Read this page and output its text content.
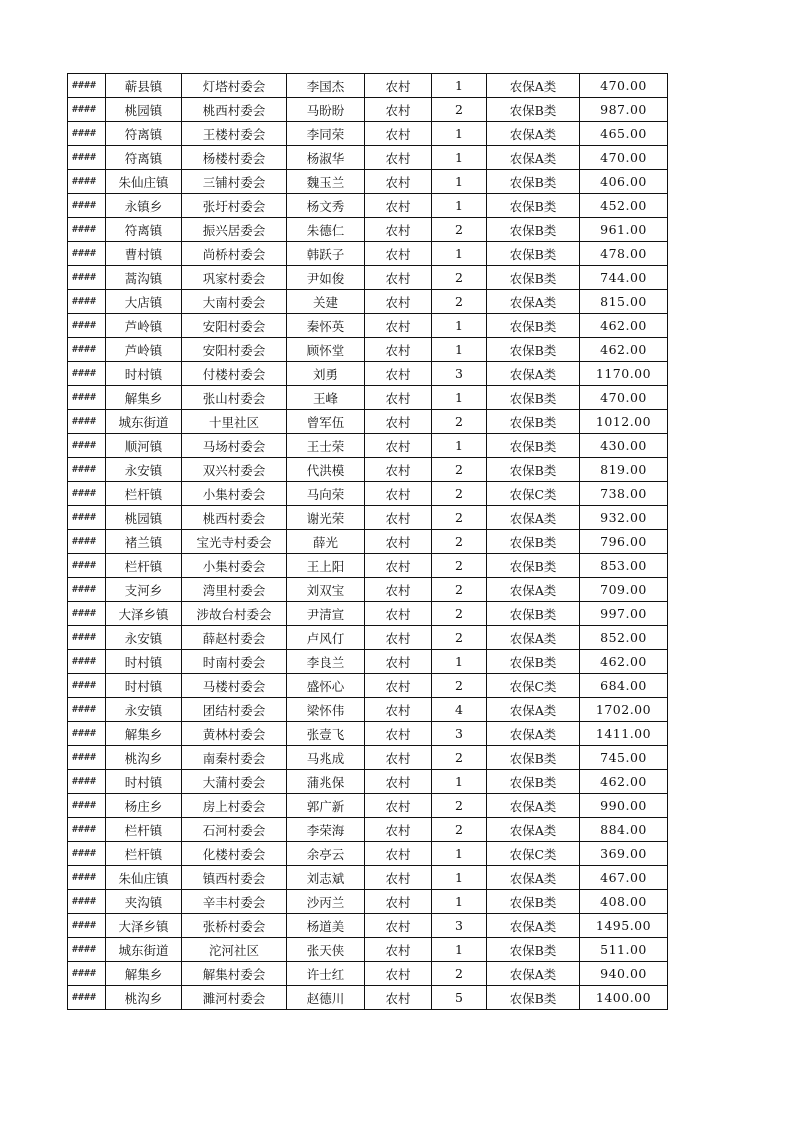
####	蕲县镇	灯塔村委会	李国杰	农村	1	农保A类	470.00
####	桃园镇	桃西村委会	马盼盼	农村	2	农保B类	987.00
####	符离镇	王楼村委会	李同荣	农村	1	农保A类	465.00
####	符离镇	杨楼村委会	杨淑华	农村	1	农保A类	470.00
####	朱仙庄镇	三铺村委会	魏玉兰	农村	1	农保B类	406.00
####	永镇乡	张圩村委会	杨文秀	农村	1	农保B类	452.00
####	符离镇	振兴居委会	朱德仁	农村	2	农保B类	961.00
####	曹村镇	尚桥村委会	韩跃子	农村	1	农保B类	478.00
####	蒿沟镇	巩家村委会	尹如俊	农村	2	农保B类	744.00
####	大店镇	大南村委会	关建	农村	2	农保A类	815.00
####	芦岭镇	安阳村委会	秦怀英	农村	1	农保B类	462.00
####	芦岭镇	安阳村委会	顾怀堂	农村	1	农保B类	462.00
####	时村镇	付楼村委会	刘勇	农村	3	农保A类	1170.00
####	解集乡	张山村委会	王峰	农村	1	农保B类	470.00
####	城东街道	十里社区	曾军伍	农村	2	农保B类	1012.00
####	顺河镇	马场村委会	王士荣	农村	1	农保B类	430.00
####	永安镇	双兴村委会	代洪模	农村	2	农保B类	819.00
####	栏杆镇	小集村委会	马向荣	农村	2	农保C类	738.00
####	桃园镇	桃西村委会	谢光荣	农村	2	农保A类	932.00
####	褚兰镇	宝光寺村委会	薛光	农村	2	农保B类	796.00
####	栏杆镇	小集村委会	王上阳	农村	2	农保B类	853.00
####	支河乡	湾里村委会	刘双宝	农村	2	农保A类	709.00
####	大泽乡镇	涉故台村委会	尹清宣	农村	2	农保B类	997.00
####	永安镇	薛赵村委会	卢风仃	农村	2	农保A类	852.00
####	时村镇	时南村委会	李良兰	农村	1	农保B类	462.00
####	时村镇	马楼村委会	盛怀心	农村	2	农保C类	684.00
####	永安镇	团结村委会	梁怀伟	农村	4	农保A类	1702.00
####	解集乡	黄林村委会	张壹飞	农村	3	农保A类	1411.00
####	桃沟乡	南秦村委会	马兆成	农村	2	农保B类	745.00
####	时村镇	大蒲村委会	蒲兆保	农村	1	农保B类	462.00
####	杨庄乡	房上村委会	郭广新	农村	2	农保A类	990.00
####	栏杆镇	石河村委会	李荣海	农村	2	农保A类	884.00
####	栏杆镇	化楼村委会	余亭云	农村	1	农保C类	369.00
####	朱仙庄镇	镇西村委会	刘志斌	农村	1	农保A类	467.00
####	夹沟镇	辛丰村委会	沙丙兰	农村	1	农保B类	408.00
####	大泽乡镇	张桥村委会	杨道美	农村	3	农保A类	1495.00
####	城东街道	沱河社区	张天侠	农村	1	农保B类	511.00
####	解集乡	解集村委会	许士红	农村	2	农保A类	940.00
####	桃沟乡	濉河村委会	赵德川	农村	5	农保B类	1400.00
